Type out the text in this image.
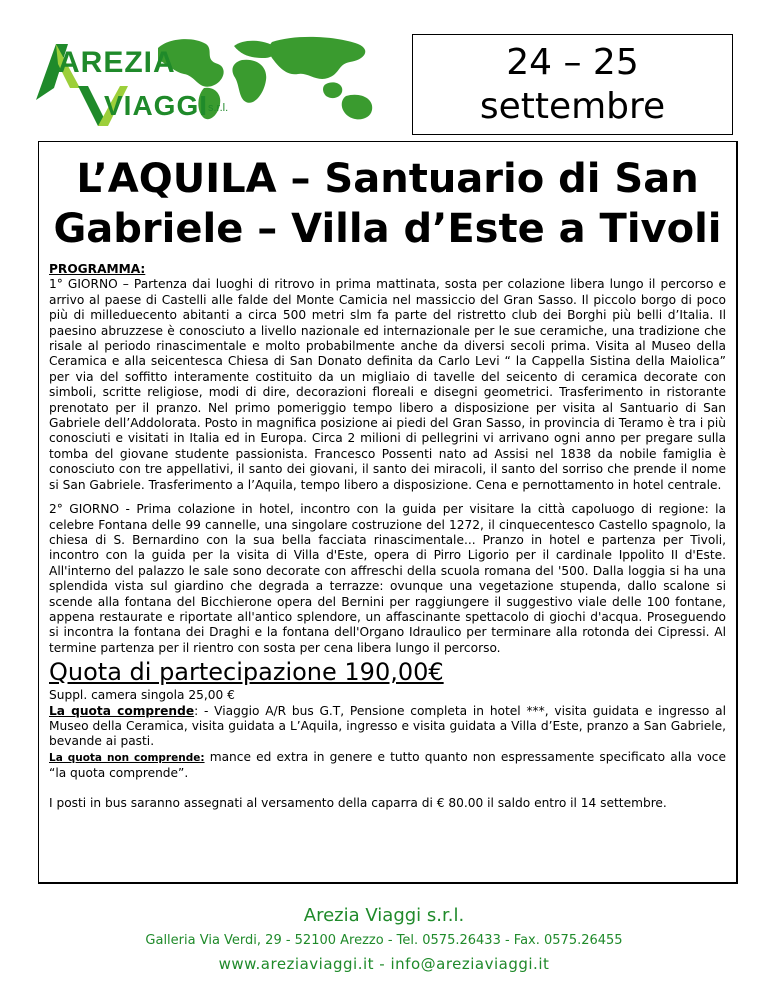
AREZIA
VIAGGI s.r.l.
24 – 25
settembre
L’AQUILA – Santuario di San Gabriele – Villa d’Este a Tivoli

PROGRAMMA:

1° GIORNO – Partenza dai luoghi di ritrovo in prima mattinata, sosta per colazione libera lungo il percorso e arrivo al paese di Castelli alle falde del Monte Camicia nel massiccio del Gran Sasso. Il piccolo borgo di poco più di milleduecento abitanti a circa 500 metri slm fa parte del ristretto club dei Borghi più belli d’Italia. Il paesino abruzzese è conosciuto a livello nazionale ed internazionale per le sue ceramiche, una tradizione che risale al periodo rinascimentale e molto probabilmente anche da diversi secoli prima. Visita al Museo della Ceramica e alla seicentesca Chiesa di San Donato definita da Carlo Levi “ la Cappella Sistina della Maiolica” per via del soffitto interamente costituito da un migliaio di tavelle del seicento di ceramica decorate con simboli, scritte religiose, modi di dire, decorazioni floreali e disegni geometrici. Trasferimento in ristorante prenotato per il pranzo. Nel primo pomeriggio tempo libero a disposizione per visita al Santuario di San Gabriele dell’Addolorata. Posto in magnifica posizione ai piedi del Gran Sasso, in provincia di Teramo è tra i più conosciuti e visitati in Italia ed in Europa. Circa 2 milioni di pellegrini vi arrivano ogni anno per pregare sulla tomba del giovane studente passionista. Francesco Possenti nato ad Assisi nel 1838 da nobile famiglia è conosciuto con tre appellativi, il santo dei giovani, il santo dei miracoli, il santo del sorriso che prende il nome si San Gabriele. Trasferimento a l’Aquila, tempo libero a disposizione. Cena e pernottamento in hotel centrale.

2° GIORNO - Prima colazione in hotel, incontro con la guida per visitare la città capoluogo di regione: la celebre Fontana delle 99 cannelle, una singolare costruzione del 1272, il cinquecentesco Castello spagnolo, la chiesa di S. Bernardino con la sua bella facciata rinascimentale... Pranzo in hotel e partenza per Tivoli, incontro con la guida per la visita di Villa d'Este, opera di Pirro Ligorio per il cardinale Ippolito II d'Este. All'interno del palazzo le sale sono decorate con affreschi della scuola romana del '500. Dalla loggia si ha una splendida vista sul giardino che degrada a terrazze: ovunque una vegetazione stupenda, dallo scalone si scende alla fontana del Bicchierone opera del Bernini per raggiungere il suggestivo viale delle 100 fontane, appena restaurate e riportate all'antico splendore, un affascinante spettacolo di giochi d'acqua. Proseguendo si incontra la fontana dei Draghi e la fontana dell'Organo Idraulico per terminare alla rotonda dei Cipressi. Al termine partenza per il rientro con sosta per cena libera lungo il percorso.

Quota di partecipazione 190,00€

Suppl. camera singola 25,00 €

La quota comprende: - Viaggio A/R bus G.T, Pensione completa in hotel ***, visita guidata e ingresso al Museo della Ceramica, visita guidata a L’Aquila, ingresso e visita guidata a Villa d’Este, pranzo a San Gabriele, bevande ai pasti.

La quota non comprende: mance ed extra in genere e tutto quanto non espressamente specificato alla voce “la quota comprende”.

I posti in bus saranno assegnati al versamento della caparra di € 80.00 il saldo entro il 14 settembre.

Arezia Viaggi s.r.l.
Galleria Via Verdi, 29 - 52100 Arezzo - Tel. 0575.26433 - Fax. 0575.26455
www.areziaviaggi.it - info@areziaviaggi.it
